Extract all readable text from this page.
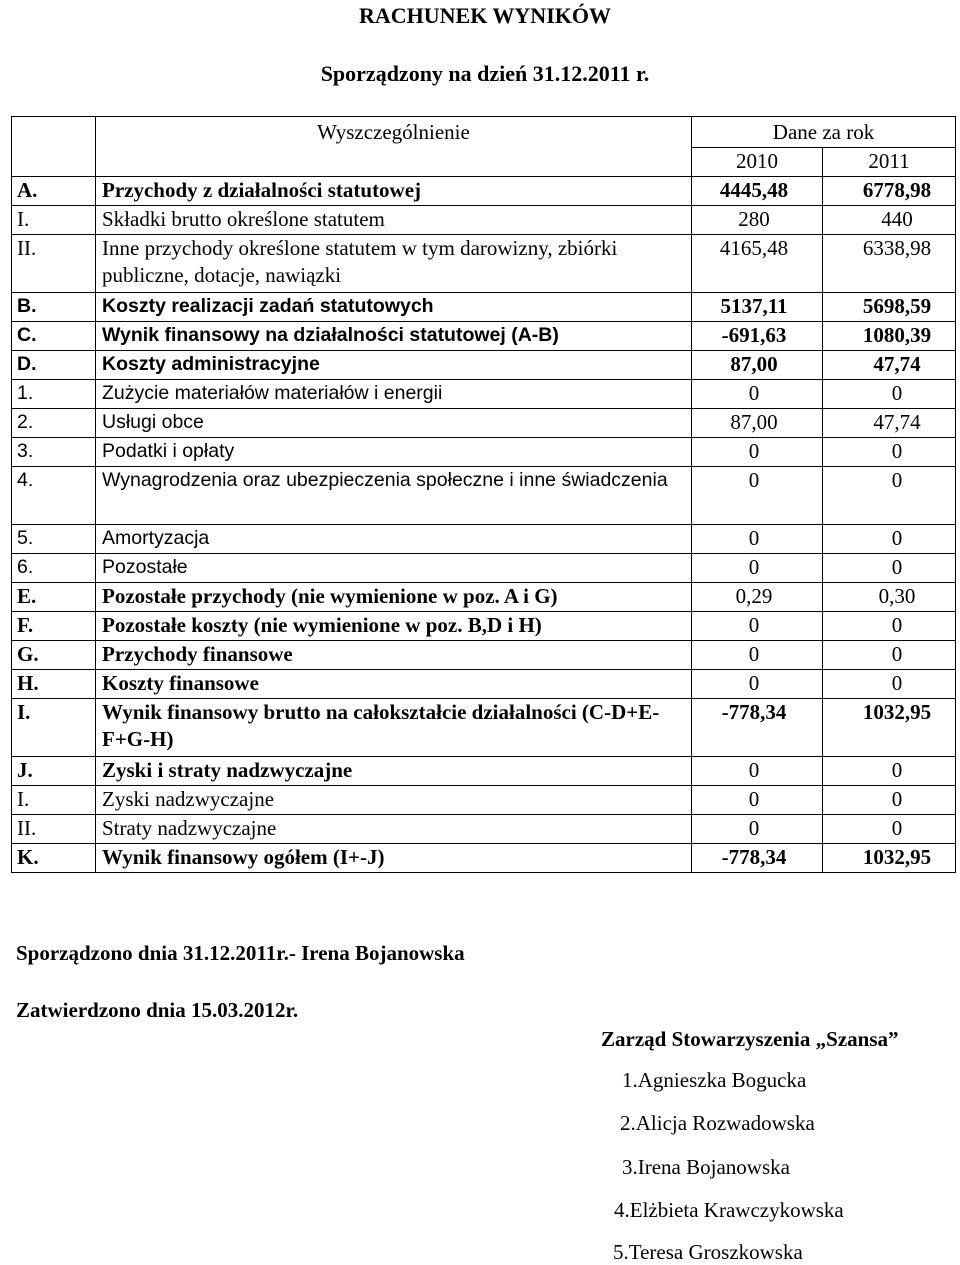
RACHUNEK WYNIKÓW
Sporządzony na dzień 31.12.2011 r.
	Wyszczególnienie	Dane za rok	
		2010	2011
A.	Przychody z działalności statutowej	4445,48	6778,98
I.	Składki brutto określone statutem	280	440
II.	Inne przychody określone statutem w tym darowizny, zbiórki publiczne, dotacje, nawiązki	4165,48	6338,98
B.	Koszty realizacji zadań statutowych	5137,11	5698,59
C.	Wynik finansowy na działalności statutowej (A-B)	-691,63	1080,39
D.	Koszty administracyjne	87,00	47,74
1.	Zużycie materiałów materiałów i energii	0	0
2.	Usługi obce	87,00	47,74
3.	Podatki i opłaty	0	0
4.	Wynagrodzenia oraz ubezpieczenia społeczne i inne świadczenia	0	0
5.	Amortyzacja	0	0
6.	Pozostałe	0	0
E.	Pozostałe przychody (nie wymienione w poz. A i G)	0,29	0,30
F.	Pozostałe koszty (nie wymienione w poz. B,D i H)	0	0
G.	Przychody finansowe	0	0
H.	Koszty finansowe	0	0
I.	Wynik finansowy brutto na całokształcie działalności (C-D+E-F+G-H)	-778,34	1032,95
J.	Zyski i straty nadzwyczajne	0	0
I.	Zyski nadzwyczajne	0	0
II.	Straty nadzwyczajne	0	0
K.	Wynik finansowy ogółem (I+-J)	-778,34	1032,95

Sporządzono dnia 31.12.2011r.- Irena Bojanowska

Zatwierdzono dnia 15.03.2012r.

Zarząd Stowarzyszenia „Szansa”

1.Agnieszka Bogucka
2.Alicja Rozwadowska
3.Irena Bojanowska
4.Elżbieta Krawczykowska
5.Teresa Groszkowska
